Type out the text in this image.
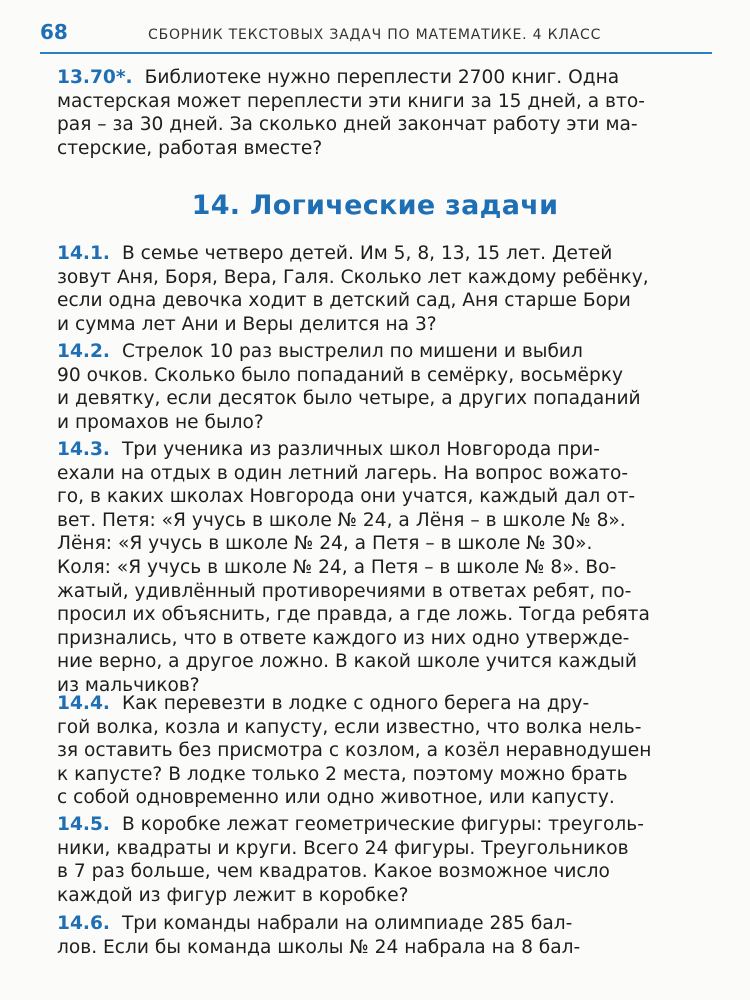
68	СБОРНИК ТЕКСТОВЫХ ЗАДАЧ ПО МАТЕМАТИКЕ. 4 КЛАСС
13.70*. Библиотеке нужно переплести 2700 книг. Одна
мастерская может переплести эти книги за 15 дней, а вто-
рая – за 30 дней. За сколько дней закончат работу эти ма-
стерские, работая вместе?
14. Логические задачи
14.1. В семье четверо детей. Им 5, 8, 13, 15 лет. Детей
зовут Аня, Боря, Вера, Галя. Сколько лет каждому ребёнку,
если одна девочка ходит в детский сад, Аня старше Бори
и сумма лет Ани и Веры делится на 3?
14.2. Стрелок 10 раз выстрелил по мишени и выбил
90 очков. Сколько было попаданий в семёрку, восьмёрку
и девятку, если десяток было четыре, а других попаданий
и промахов не было?
14.3. Три ученика из различных школ Новгорода при-
ехали на отдых в один летний лагерь. На вопрос вожато-
го, в каких школах Новгорода они учатся, каждый дал от-
вет. Петя: «Я учусь в школе № 24, а Лёня – в школе № 8».
Лёня: «Я учусь в школе № 24, а Петя – в школе № 30».
Коля: «Я учусь в школе № 24, а Петя – в школе № 8». Во-
жатый, удивлённый противоречиями в ответах ребят, по-
просил их объяснить, где правда, а где ложь. Тогда ребята
признались, что в ответе каждого из них одно утвержде-
ние верно, а другое ложно. В какой школе учится каждый
из мальчиков?
14.4. Как перевезти в лодке с одного берега на дру-
гой волка, козла и капусту, если известно, что волка нель-
зя оставить без присмотра с козлом, а козёл неравнодушен
к капусте? В лодке только 2 места, поэтому можно брать
с собой одновременно или одно животное, или капусту.
14.5. В коробке лежат геометрические фигуры: треуголь-
ники, квадраты и круги. Всего 24 фигуры. Треугольников
в 7 раз больше, чем квадратов. Какое возможное число
каждой из фигур лежит в коробке?
14.6. Три команды набрали на олимпиаде 285 бал-
лов. Если бы команда школы № 24 набрала на 8 бал-
